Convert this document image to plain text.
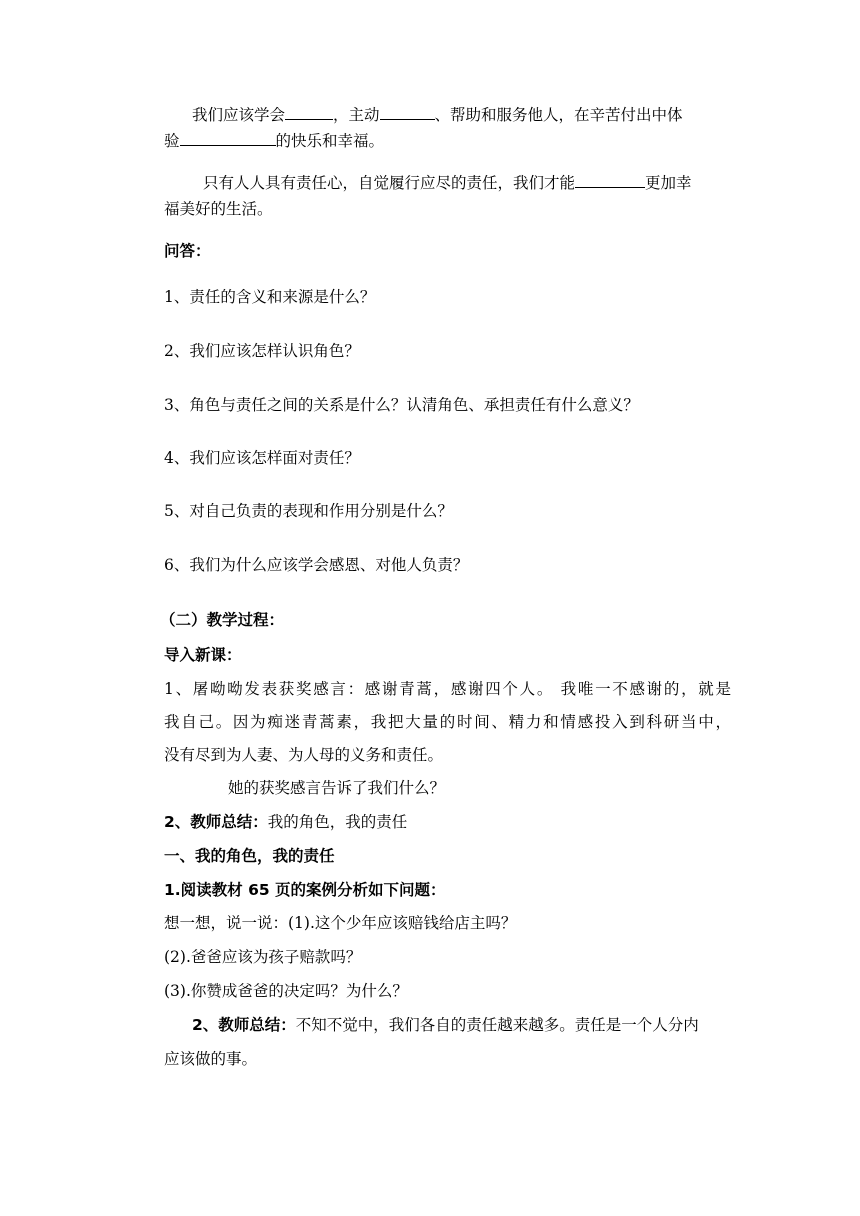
我们应该学会	，主动	、帮助和服务他人，在辛苦付出中体
验	的快乐和幸福。
只有人人具有责任心，自觉履行应尽的责任，我们才能	更加幸
福美好的生活。
问答：
1、责任的含义和来源是什么？
2、我们应该怎样认识角色？
3、角色与责任之间的关系是什么？认清角色、承担责任有什么意义？
4、我们应该怎样面对责任？
5、对自己负责的表现和作用分别是什么？
6、我们为什么应该学会感恩、对他人负责？
（二）教学过程：
导入新课：
1、屠呦呦发表获奖感言：感谢青蒿，感谢四个人。 我唯一不感谢的，就是
我自己。因为痴迷青蒿素，我把大量的时间、精力和情感投入到科研当中，
没有尽到为人妻、为人母的义务和责任。
她的获奖感言告诉了我们什么？
2、教师总结：我的角色，我的责任
一、我的角色，我的责任
1.阅读教材 65 页的案例分析如下问题：
想一想，说一说：(1).这个少年应该赔钱给店主吗？
(2).爸爸应该为孩子赔款吗？
(3).你赞成爸爸的决定吗？为什么？
2、教师总结：不知不觉中，我们各自的责任越来越多。责任是一个人分内
应该做的事。
